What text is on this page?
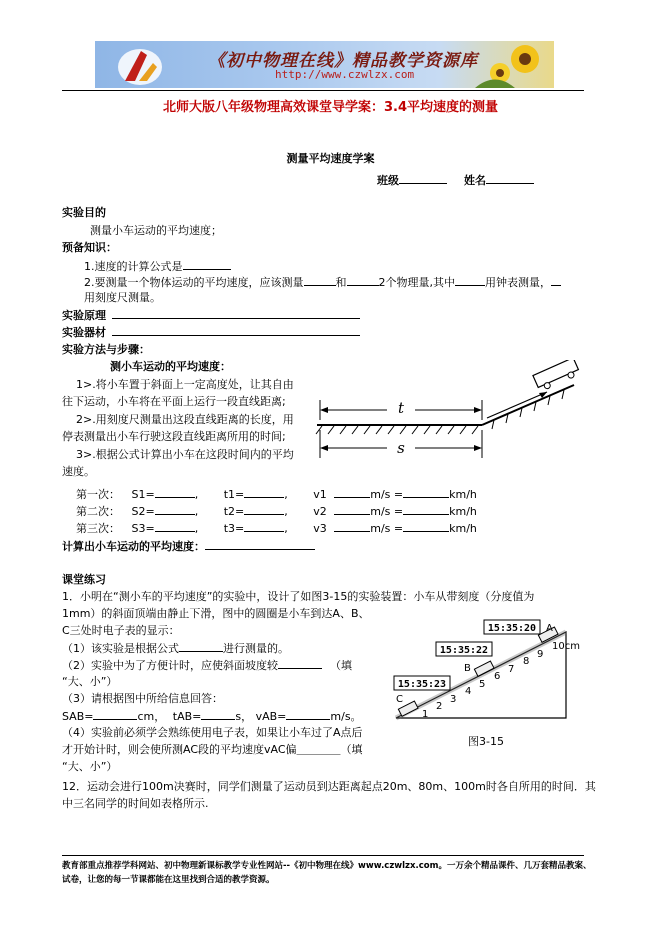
《初中物理在线》精品教学资源库
http://www.czwlzx.com
北师大版八年级物理高效课堂导学案：3.4平均速度的测量
测量平均速度学案
班级	姓名
实验目的
测量小车运动的平均速度；
预备知识：
1.速度的计算公式是
2.要测量一个物体运动的平均速度，应该测量	和	2个物理量,其中	用钟表测量，
用刻度尺测量。
实验原理
实验器材
实验方法与步骤：
测小车运动的平均速度：
1>.将小车置于斜面上一定高度处，让其自由
往下运动，小车将在平面上运行一段直线距离;
2>.用刻度尺测量出这段直线距离的长度，用
停表测量出小车行驶这段直线距离所用的时间;
3>.根据公式计算出小车在这段时间内的平均
速度。
t
s
第一次： S1=	, t1=	, v1	m/s =	km/h
第二次： S2=	, t2=	, v2	m/s =	km/h
第三次： S3=	, t3=	, v3	m/s =	km/h
计算出小车运动的平均速度：
课堂练习
1．小明在“测小车的平均速度”的实验中，设计了如图3-15的实验装置：小车从带刻度（分度值为
1mm）的斜面顶端由静止下滑，图中的圆圈是小车到达A、B、
C三处时电子表的显示：
（1）该实验是根据公式	进行测量的。
（2）实验中为了方便计时，应使斜面坡度较	（填
“大、小”）
（3）请根据图中所给信息回答：
SAB=	cm， tAB=	s， vAB=	m/s。
（4）实验前必须学会熟练使用电子表，如果让小车过了A点后
才开始计时，则会使所测AC段的平均速度vAC偏＿＿＿＿（填
“大、小”）
12．运动会进行100m决赛时，同学们测量了运动员到达距离起点20m、80m、100m时各自所用的时间．其
中三名同学的时间如表格所示.
1
2
3
4
5
6
7
8
9
10cm
15:35:20 A
15:35:22
B
15:35:23
C
图3-15
教育部重点推荐学科网站、初中物理新课标教学专业性网站--《初中物理在线》www.czwlzx.com。一万余个精品课件、几万套精品教案、试卷，让您的每一节课都能在这里找到合适的教学资源。
